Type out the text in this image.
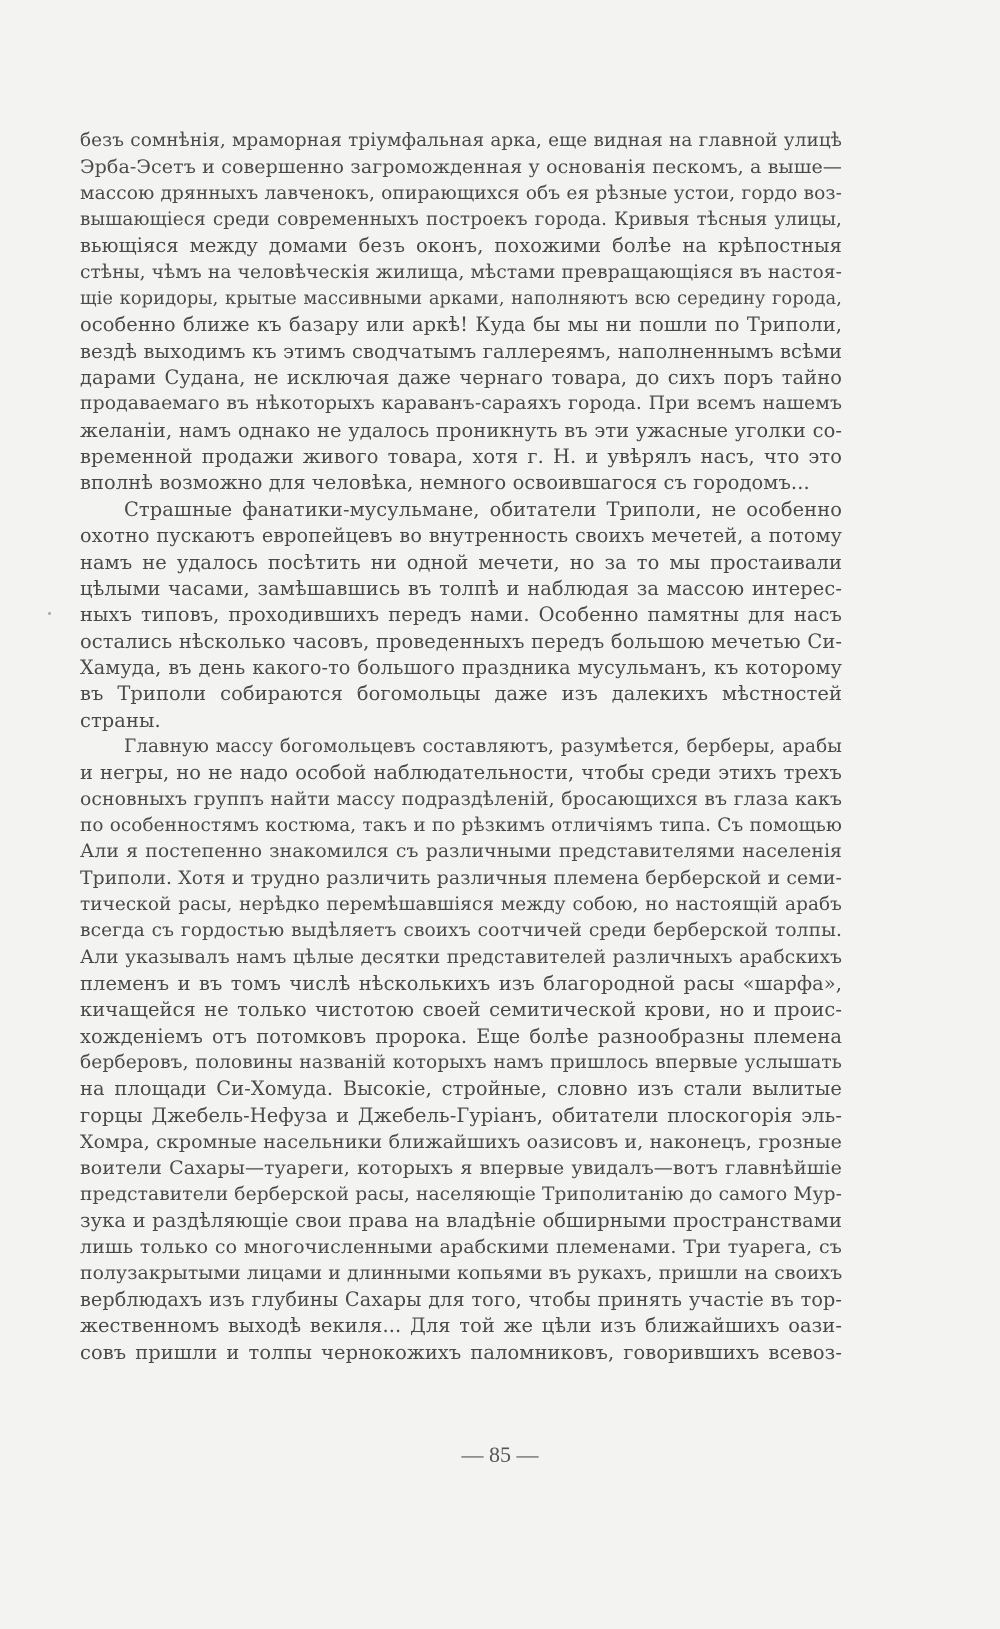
безъ сомнѣнія, мраморная тріумфальная арка, еще видная на главной улицѣ
Эрба-Эсетъ и совершенно загроможденная у основанія пескомъ, а выше—
массою дрянныхъ лавченокъ, опирающихся объ ея рѣзные устои, гордо воз-
вышающіеся среди современныхъ построекъ города. Кривыя тѣсныя улицы,
вьющіяся между домами безъ оконъ, похожими болѣе на крѣпостныя
стѣны, чѣмъ на человѣческія жилища, мѣстами превращающіяся въ настоя-
щіе коридоры, крытые массивными арками, наполняютъ всю середину города,
особенно ближе къ базару или аркѣ! Куда бы мы ни пошли по Триполи,
вездѣ выходимъ къ этимъ сводчатымъ галлереямъ, наполненнымъ всѣми
дарами Судана, не исключая даже чернаго товара, до сихъ поръ тайно
продаваемаго въ нѣкоторыхъ караванъ-сараяхъ города. При всемъ нашемъ
желаніи, намъ однако не удалось проникнуть въ эти ужасные уголки со-
временной продажи живого товара, хотя г. Н. и увѣрялъ насъ, что это
вполнѣ возможно для человѣка, немного освоившагося съ городомъ...
Страшные фанатики-мусульмане, обитатели Триполи, не особенно
охотно пускаютъ европейцевъ во внутренность своихъ мечетей, а потому
намъ не удалось посѣтить ни одной мечети, но за то мы простаивали
цѣлыми часами, замѣшавшись въ толпѣ и наблюдая за массою интерес-
ныхъ типовъ, проходившихъ передъ нами. Особенно памятны для насъ
остались нѣсколько часовъ, проведенныхъ передъ большою мечетью Си-
Хамуда, въ день какого-то большого праздника мусульманъ, къ которому
въ Триполи собираются богомольцы даже изъ далекихъ мѣстностей
страны.
Главную массу богомольцевъ составляютъ, разумѣется, берберы, арабы
и негры, но не надо особой наблюдательности, чтобы среди этихъ трехъ
основныхъ группъ найти массу подраздѣленій, бросающихся въ глаза какъ
по особенностямъ костюма, такъ и по рѣзкимъ отличіямъ типа. Съ помощью
Али я постепенно знакомился съ различными представителями населенія
Триполи. Хотя и трудно различить различныя племена берберской и семи-
тической расы, нерѣдко перемѣшавшіяся между собою, но настоящій арабъ
всегда съ гордостью выдѣляетъ своихъ соотчичей среди берберской толпы.
Али указывалъ намъ цѣлые десятки представителей различныхъ арабскихъ
племенъ и въ томъ числѣ нѣсколькихъ изъ благородной расы «шарфа»,
кичащейся не только чистотою своей семитической крови, но и проис-
хожденіемъ отъ потомковъ пророка. Еще болѣе разнообразны племена
берберовъ, половины названій которыхъ намъ пришлось впервые услышать
на площади Си-Хомуда. Высокіе, стройные, словно изъ стали вылитые
горцы Джебель-Нефуза и Джебель-Гуріанъ, обитатели плоскогорія эль-
Хомра, скромные насельники ближайшихъ оазисовъ и, наконецъ, грозные
воители Сахары—туареги, которыхъ я впервые увидалъ—вотъ главнѣйшіе
представители берберской расы, населяющіе Триполитанію до самого Мур-
зука и раздѣляющіе свои права на владѣніе обширными пространствами
лишь только со многочисленными арабскими племенами. Три туарега, съ
полузакрытыми лицами и длинными копьями въ рукахъ, пришли на своихъ
верблюдахъ изъ глубины Сахары для того, чтобы принять участіе въ тор-
жественномъ выходѣ векиля... Для той же цѣли изъ ближайшихъ оази-
совъ пришли и толпы чернокожихъ паломниковъ, говорившихъ всевоз-
— 85 —
